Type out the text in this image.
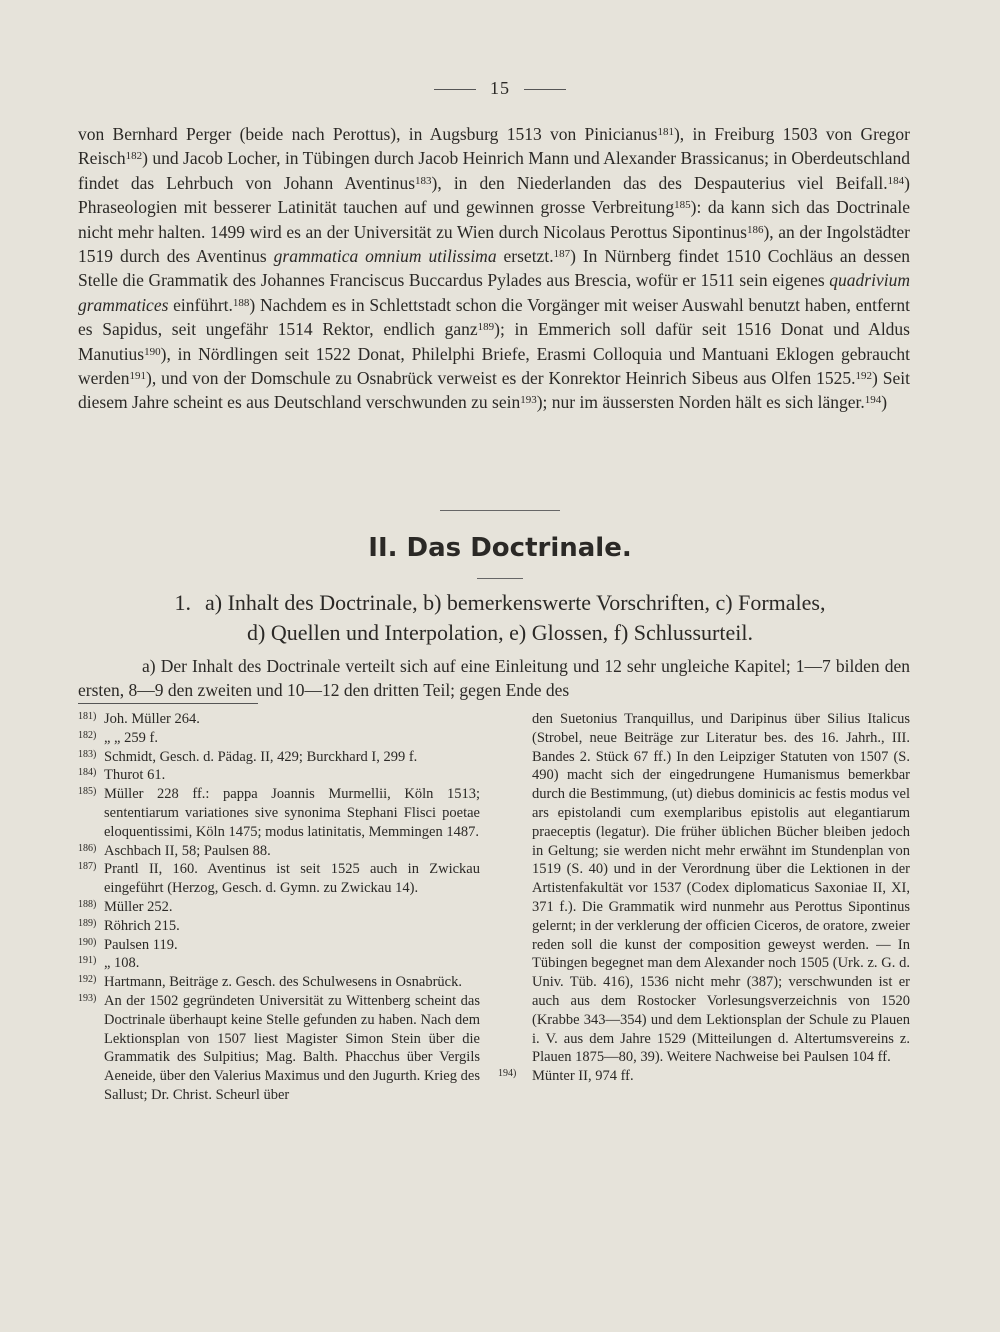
15

von Bernhard Perger (beide nach Perottus), in Augsburg 1513 von Pinicianus$^{181}$), in Freiburg 1503 von Gregor Reisch$^{182}$) und Jacob Locher, in Tübingen durch Jacob Heinrich Mann und Alexander Brassicanus; in Oberdeutschland findet das Lehrbuch von Johann Aventinus$^{183}$), in den Niederlanden das des Despauterius viel Beifall.$^{184}$) Phraseologien mit besserer Latinität tauchen auf und gewinnen grosse Verbreitung$^{185}$): da kann sich das Doctrinale nicht mehr halten. 1499 wird es an der Universität zu Wien durch Nicolaus Perottus Sipontinus$^{186}$), an der Ingolstädter 1519 durch des Aventinus grammatica omnium utilissima ersetzt.$^{187}$) In Nürnberg findet 1510 Cochläus an dessen Stelle die Grammatik des Johannes Franciscus Buccardus Pylades aus Brescia, wofür er 1511 sein eigenes quadrivium grammatices einführt.$^{188}$) Nachdem es in Schlettstadt schon die Vorgänger mit weiser Auswahl benutzt haben, entfernt es Sapidus, seit ungefähr 1514 Rektor, endlich ganz$^{189}$); in Emmerich soll dafür seit 1516 Donat und Aldus Manutius$^{190}$), in Nördlingen seit 1522 Donat, Philelphi Briefe, Erasmi Colloquia und Mantuani Eklogen gebraucht werden$^{191}$), und von der Domschule zu Osnabrück verweist es der Konrektor Heinrich Sibeus aus Olfen 1525.$^{192}$) Seit diesem Jahre scheint es aus Deutschland verschwunden zu sein$^{193}$); nur im äussersten Norden hält es sich länger.$^{194}$)

II. Das Doctrinale.
1. a) Inhalt des Doctrinale, b) bemerkenswerte Vorschriften, c) Formales,
d) Quellen und Interpolation, e) Glossen, f) Schlussurteil.

a) Der Inhalt des Doctrinale verteilt sich auf eine Einleitung und 12 sehr ungleiche Kapitel; 1—7 bilden den ersten, 8—9 den zweiten und 10—12 den dritten Teil; gegen Ende des

181) Joh. Müller 264.

182) „ „ 259 f.

183) Schmidt, Gesch. d. Pädag. II, 429; Burckhard I, 299 f.

184) Thurot 61.

185) Müller 228 ff.: pappa Joannis Murmellii, Köln 1513; sententiarum variationes sive synonima Stephani Flisci poetae eloquentissimi, Köln 1475; modus latinitatis, Memmingen 1487.

186) Aschbach II, 58; Paulsen 88.

187) Prantl II, 160. Aventinus ist seit 1525 auch in Zwickau eingeführt (Herzog, Gesch. d. Gymn. zu Zwickau 14).

188) Müller 252.

189) Röhrich 215.

190) Paulsen 119.

191) „ 108.

192) Hartmann, Beiträge z. Gesch. des Schulwesens in Osnabrück.

193) An der 1502 gegründeten Universität zu Wittenberg scheint das Doctrinale überhaupt keine Stelle gefunden zu haben. Nach dem Lektionsplan von 1507 liest Magister Simon Stein über die Grammatik des Sulpitius; Mag. Balth. Phacchus über Vergils Aeneide, über den Valerius Maximus und den Jugurth. Krieg des Sallust; Dr. Christ. Scheurl über

den Suetonius Tranquillus, und Daripinus über Silius Italicus (Strobel, neue Beiträge zur Literatur bes. des 16. Jahrh., III. Bandes 2. Stück 67 ff.) In den Leipziger Statuten von 1507 (S. 490) macht sich der eingedrungene Humanismus bemerkbar durch die Bestimmung, (ut) diebus dominicis ac festis modus vel ars epistolandi cum exemplaribus epistolis aut elegantiarum praeceptis (legatur). Die früher üblichen Bücher bleiben jedoch in Geltung; sie werden nicht mehr erwähnt im Stundenplan von 1519 (S. 40) und in der Verordnung über die Lektionen in der Artistenfakultät vor 1537 (Codex diplomaticus Saxoniae II, XI, 371 f.). Die Grammatik wird nunmehr aus Perottus Sipontinus gelernt; in der verklerung der officien Ciceros, de oratore, zweier reden soll die kunst der composition geweyst werden. — In Tübingen begegnet man dem Alexander noch 1505 (Urk. z. G. d. Univ. Tüb. 416), 1536 nicht mehr (387); verschwunden ist er auch aus dem Rostocker Vorlesungsverzeichnis von 1520 (Krabbe 343—354) und dem Lektionsplan der Schule zu Plauen i. V. aus dem Jahre 1529 (Mitteilungen d. Altertumsvereins z. Plauen 1875—80, 39). Weitere Nachweise bei Paulsen 104 ff.

194) Münter II, 974 ff.
